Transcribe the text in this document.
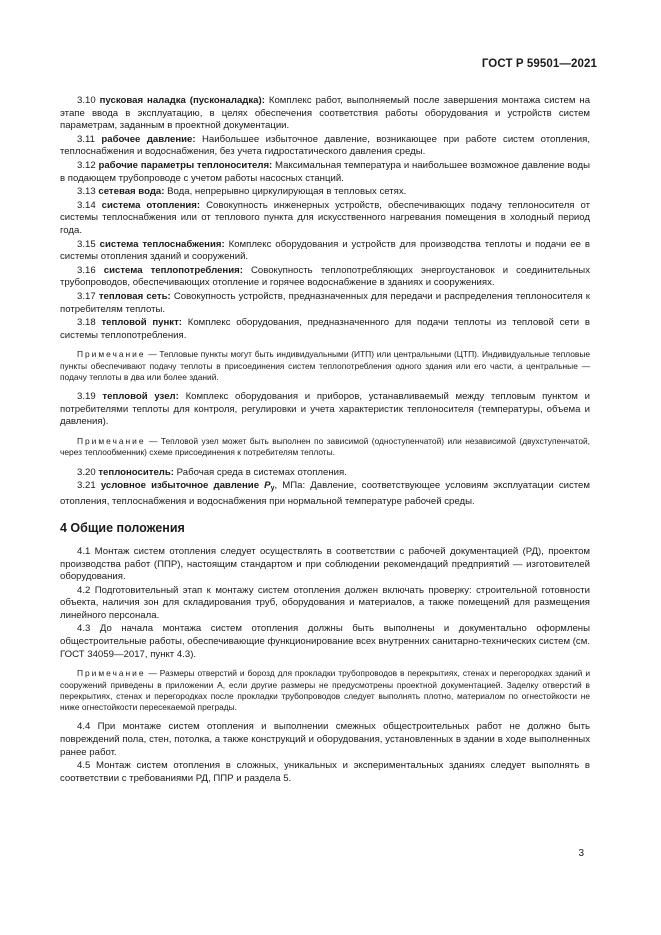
ГОСТ Р 59501—2021

3.10 пусковая наладка (пусконаладка): Комплекс работ, выполняемый после завершения монтажа систем на этапе ввода в эксплуатацию, в целях обеспечения соответствия работы оборудования и устройств систем параметрам, заданным в проектной документации.

3.11 рабочее давление: Наибольшее избыточное давление, возникающее при работе систем отопления, теплоснабжения и водоснабжения, без учета гидростатического давления среды.

3.12 рабочие параметры теплоносителя: Максимальная температура и наибольшее возможное давление воды в подающем трубопроводе с учетом работы насосных станций.

3.13 сетевая вода: Вода, непрерывно циркулирующая в тепловых сетях.

3.14 система отопления: Совокупность инженерных устройств, обеспечивающих подачу теплоносителя от системы теплоснабжения или от теплового пункта для искусственного нагревания помещения в холодный период года.

3.15 система теплоснабжения: Комплекс оборудования и устройств для производства теплоты и подачи ее в системы отопления зданий и сооружений.

3.16 система теплопотребления: Совокупность теплопотребляющих энергоустановок и соединительных трубопроводов, обеспечивающих отопление и горячее водоснабжение в зданиях и сооружениях.

3.17 тепловая сеть: Совокупность устройств, предназначенных для передачи и распределения теплоносителя к потребителям теплоты.

3.18 тепловой пункт: Комплекс оборудования, предназначенного для подачи теплоты из тепловой сети в системы теплопотребления.

Примечание — Тепловые пункты могут быть индивидуальными (ИТП) или центральными (ЦТП). Индивидуальные тепловые пункты обеспечивают подачу теплоты в присоединения систем теплопотребления одного здания или его части, а центральные — подачу теплоты в два или более зданий.

3.19 тепловой узел: Комплекс оборудования и приборов, устанавливаемый между тепловым пунктом и потребителями теплоты для контроля, регулировки и учета характеристик теплоносителя (температуры, объема и давления).

Примечание — Тепловой узел может быть выполнен по зависимой (одноступенчатой) или независимой (двухступенчатой, через теплообменник) схеме присоединения к потребителям теплоты.

3.20 теплоноситель: Рабочая среда в системах отопления.

3.21 условное избыточное давление $P_у$, МПа: Давление, соответствующее условиям эксплуатации систем отопления, теплоснабжения и водоснабжения при нормальной температуре рабочей среды.

4 Общие положения

4.1 Монтаж систем отопления следует осуществлять в соответствии с рабочей документацией (РД), проектом производства работ (ППР), настоящим стандартом и при соблюдении рекомендаций предприятий — изготовителей оборудования.

4.2 Подготовительный этап к монтажу систем отопления должен включать проверку: строительной готовности объекта, наличия зон для складирования труб, оборудования и материалов, а также помещений для размещения линейного персонала.

4.3 До начала монтажа систем отопления должны быть выполнены и документально оформлены общестроительные работы, обеспечивающие функционирование всех внутренних санитарно-технических систем (см. ГОСТ 34059—2017, пункт 4.3).

Примечание — Размеры отверстий и борозд для прокладки трубопроводов в перекрытиях, стенах и перегородках зданий и сооружений приведены в приложении А, если другие размеры не предусмотрены проектной документацией. Заделку отверстий в перекрытиях, стенах и перегородках после прокладки трубопроводов следует выполнять плотно, материалом по огнестойкости не ниже огнестойкости пересекаемой преграды.

4.4 При монтаже систем отопления и выполнении смежных общестроительных работ не должно быть повреждений пола, стен, потолка, а также конструкций и оборудования, установленных в здании в ходе выполненных ранее работ.

4.5 Монтаж систем отопления в сложных, уникальных и экспериментальных зданиях следует выполнять в соответствии с требованиями РД, ППР и раздела 5.

3
